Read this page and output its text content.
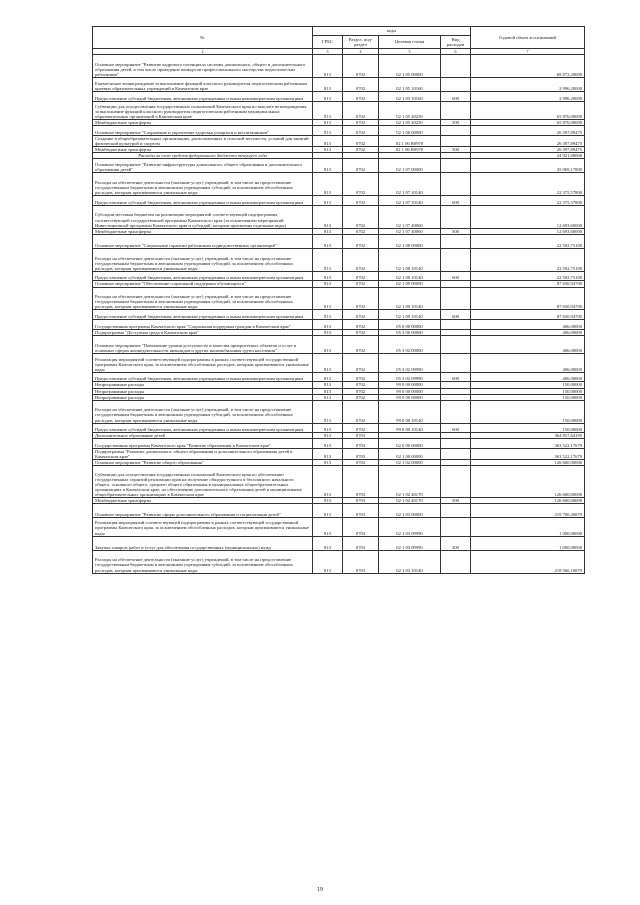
№	коды				Годовой объем ассигнований
	ГРБС	Раздел, под-раздел	Целевая статья	Вид расходов	
2	3	4	5	6	7
Основное мероприятие "Развитие кадрового потенциала системы дошкольного, общего и дополнительного образования детей, в том числе проведение конкурсов профессионального мастерства педагогических работников"	813	0702	02 1 05 00000		68 872,20000
Ежемесячное вознаграждение за выполнение функций классного руководителя педагогическим работникам краевых образовательных учреждений в Камчатском крае	813	0702	02 1 05 10160		2 996,20000
Предоставление субсидий бюджетным, автономным учреждениям и иным некоммерческим организациям	813	0702	02 1 05 10160	600	2 996,20000
Субвенции для осуществления государственных полномочий Камчатского края по выплате вознаграждения за выполнение функций классного руководителя педагогическим работникам муниципальных образовательных организаций в Камчатском крае	813	0702	02 1 05 40250		65 876,00000
Межбюджетные трансферты	813	0702	02 1 05 40250	500	65 876,00000
Основное мероприятие "Сохранение и укрепление здоровья учащихся и воспитанников"	813	0702	02 1 06 00000		26 397,89475
Создание в общеобразовательных организациях, расположенных в сельской местности, условий для занятий физической культурой и спортом	813	0702	02 1 06 R0970		26 397,89475
Межбюджетные трансферты	813	0702	02 1 06 R0970	500	26 397,89475
Расходы за счет средств федерального бюджета текущего года					24 921,00000
Основное мероприятие "Развитие инфраструктуры дошкольного, общего образования и дополнительного образования детей"	813	0702	02 1 07 00000		35 069,17800
Расходы на обеспечение деятельности (оказание услуг) учреждений, в том числе на предоставление государственным бюджетным и автономным учреждениям субсидий, за исключением обособленных расходов, которым присваиваются уникальные коды	813	0702	02 1 07 10140		22 375,57800
Предоставление субсидий бюджетным, автономным учреждениям и иным некоммерческим организациям	813	0702	02 1 07 10140	600	22 375,57800
Субсидии местным бюджетам на реализацию мероприятий соответствующей подпрограммы соответствующей государственной программы Камчатского края (за исключением мероприятий Инвестиционной программы Камчатского края и субсидий, которым присвоены отдельные коды)	813	0702	02 1 07 40060		12 693,60000
Межбюджетные трансферты	813	0702	02 1 07 40060	500	12 693,60000
Основное мероприятие "Социальные гарантии работникам подведомственных организаций"	813	0702	02 1 08 00000		22 592,75100
Расходы на обеспечение деятельности (оказание услуг) учреждений, в том числе на предоставление государственным бюджетным и автономным учреждениям субсидий, за исключением обособленных расходов, которым присваиваются уникальные коды	813	0702	02 1 08 10140		22 592,75100
Предоставление субсидий бюджетным, автономным учреждениям и иным некоммерческим организациям	813	0702	02 1 08 10140	600	22 592,75100
Основное мероприятие "Обеспечение социальной поддержки обучающихся"	813	0702	02 1 09 00000		87 650,94700
Расходы на обеспечение деятельности (оказание услуг) учреждений, в том числе на предоставление государственным бюджетным и автономным учреждениям субсидий, за исключением обособленных расходов, которым присваиваются уникальные коды	813	0702	02 1 09 10140		87 650,94700
Предоставление субсидий бюджетным, автономным учреждениям и иным некоммерческим организациям	813	0702	02 1 09 10140	600	87 650,94700
Государственная программа Камчатского края "Социальная поддержка граждан в Камчатском крае"	813	0702	05 0 00 00000		406,00000
Подпрограмма "Доступная среда в Камчатском крае"	813	0702	05 3 00 00000		406,00000
Основное мероприятие "Повышение уровня доступности и качества приоритетных объектов и услуг в основных сферах жизнедеятельности инвалидов и других маломобильных групп населения"	813	0702	05 3 02 00000		406,00000
Реализация мероприятий соответствующей подпрограммы в рамках соответствующей государственной программы Камчатского края, за исключением обособленных расходов, которым присваиваются уникальные коды	813	0702	05 3 02 09990		406,00000
Предоставление субсидий бюджетным, автономным учреждениям и иным некоммерческим организациям	813	0702	05 3 02 09990	600	406,00000
Непрограммные расходы	813	0702	99 0 00 00000		150,00000
Непрограммные расходы	813	0702	99 0 00 00000		150,00000
Непрограммные расходы	813	0702	99 0 00 00000		150,00000
Расходы на обеспечение деятельности (оказание услуг) учреждений, в том числе на предоставление государственным бюджетным и автономным учреждениям субсидий, за исключением обособленных расходов, которым присваиваются уникальные коды	813	0702	99 0 00 10140		150,00000
Предоставление субсидий бюджетным, автономным учреждениям и иным некоммерческим организациям	813	0702	99 0 00 10140	600	150,00000
Дополнительное образование детей	813	0703			364 857,64195
Государственная программа Камчатского края "Развитие образования в Камчатском крае"	813	0703	02 0 00 00000		363 522,17679
Подпрограмма "Развитие дошкольного, общего образования и дополнительного образования детей в Камчатском крае"	813	0703	02 1 00 00000		363 522,17679
Основное мероприятие "Развитие общего образования"	813	0703	02 1 02 00000		126 600,00000
Субвенции для осуществления государственных полномочий Камчатского края по обеспечению государственных гарантий реализации прав на получение общедоступного и бесплатного начального общего, основного общего, среднего общего образования в муниципальных общеобразовательных организациях в Камчатском крае, по обеспечению дополнительного образования детей в муниципальных общеобразовательных организациях в Камчатском крае	813	0703	02 1 02 40170		126 600,00000
Межбюджетные трансферты	813	0703	02 1 02 40170	500	126 600,00000
Основное мероприятие "Развитие сферы дополнительного образования и социализация детей"	813	0703	02 1 03 00000		219 700,26879
Реализация мероприятий соответствующей подпрограммы в рамках соответствующей государственной программы Камчатского края, за исключением обособленных расходов, которым присваиваются уникальные коды	813	0703	02 1 03 09990		1 000,00000
Закупка товаров, работ и услуг для обеспечения государственных (муниципальных) нужд	813	0703	02 1 03 09990	200	1 000,00000
Расходы на обеспечение деятельности (оказание услуг) учреждений, в том числе на предоставление государственным бюджетным и автономным учреждениям субсидий, за исключением обособленных расходов, которым присваиваются уникальные коды	813	0703	02 1 03 10140		218 566,16879
19
